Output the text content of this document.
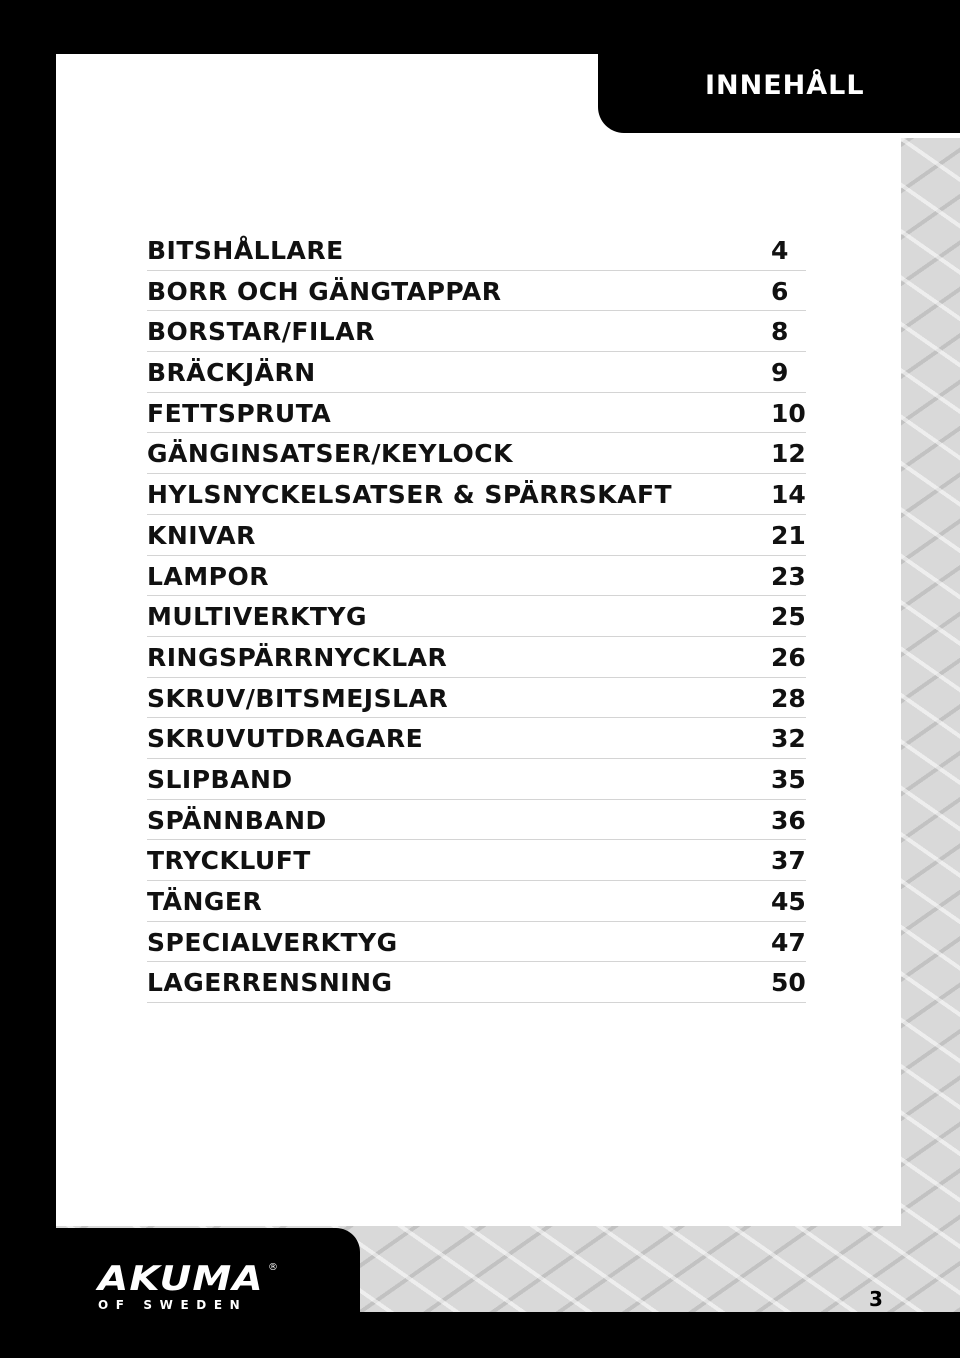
INNEHÅLL
BITSHÅLLARE	4
BORR OCH GÄNGTAPPAR	6
BORSTAR/FILAR	8
BRÄCKJÄRN	9
FETTSPRUTA	10
GÄNGINSATSER/KEYLOCK	12
HYLSNYCKELSATSER & SPÄRRSKAFT	14
KNIVAR	21
LAMPOR	23
MULTIVERKTYG	25
RINGSPÄRRNYCKLAR	26
SKRUV/BITSMEJSLAR	28
SKRUVUTDRAGARE	32
SLIPBAND	35
SPÄNNBAND	36
TRYCKLUFT	37
TÄNGER	45
SPECIALVERKTYG	47
LAGERRENSNING	50
AKUMA ®
OF SWEDEN	3
